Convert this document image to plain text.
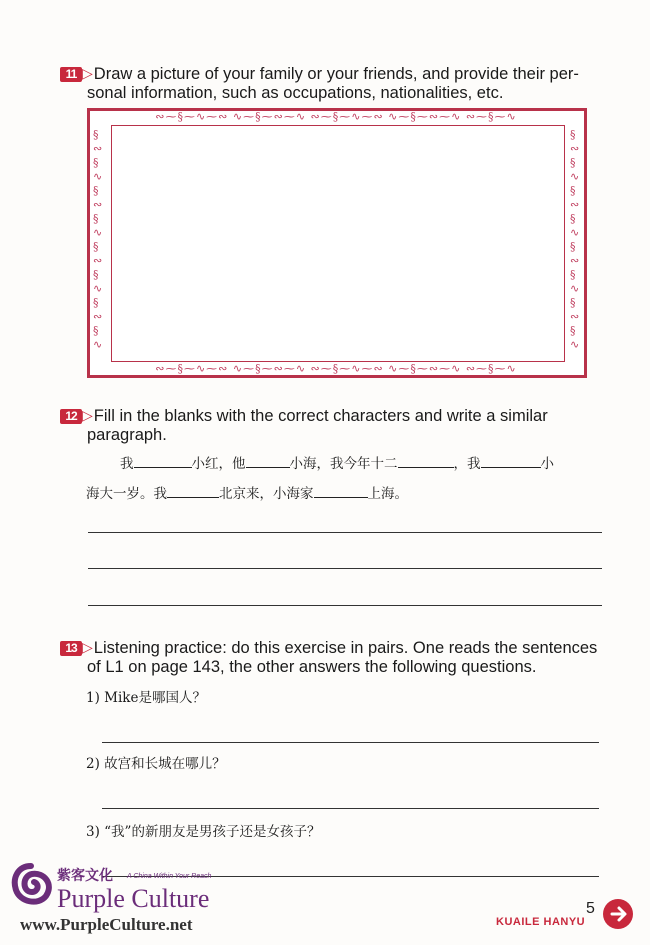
11 ▷ Draw a picture of your family or your friends, and provide their per-
sonal information, such as occupations, nationalities, etc.
∾⁓§⁓∿⁓∾ ∿⁓§⁓∾⁓∿ ∾⁓§⁓∿⁓∾ ∿⁓§⁓∾⁓∿ ∾⁓§⁓∿
∾⁓§⁓∿⁓∾ ∿⁓§⁓∾⁓∿ ∾⁓§⁓∿⁓∾ ∿⁓§⁓∾⁓∿ ∾⁓§⁓∿
§
∾
§
∿
§
∾
§
∿
§
∾
§
∿
§
∾
§
∿
§
∾
§
∿
§
∾
§
∿
§
∾
§
∿
§
∾
§
∿
12 ▷ Fill in the blanks with the correct characters and write a similar
paragraph.
我	小红，他	小海，我今年十二	，我	小
海大一岁。我	北京来，小海家	上海。
13 ▷ Listening practice: do this exercise in pairs. One reads the sentences
of L1 on page 143, the other answers the following questions.
1) Mike是哪国人？
2) 故宫和长城在哪儿？
3) “我”的新朋友是男孩子还是女孩子？
紫客文化 A China Within Your Reach
Purple Culture
www.PurpleCulture.net	KUAILE HANYU
5
